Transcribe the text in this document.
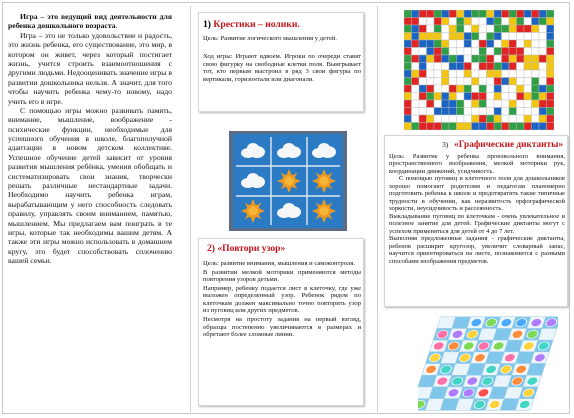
Игра – это ведущий вид деятельности для ребенка дошкольного возраста.

Игра – это не только удовольствие и радость, это жизнь ребенка, его существование, это мир, в котором он живет, через который постигает жизнь, учится строить взаимоотношения с другими людьми. Недооценивать значение игры в развитии дошкольника нельзя. А значит, для того чтобы научить ребенка чему-то новому, надо учить его в игре.

С помощью игры можно развивать память, внимание, мышление, воображение - психические функции, необходимые для успешного обучения в школе, благополучной адаптации в новом детском коллективе. Успешное обучение детей зависит от уровня развития мышления ребёнка, умения обобщать и систематизировать свои знания, творчески решать различные нестандартные задачи. Необходимо научить ребенка играм, вырабатывающим у него способность следовать правилу, управлять своим вниманием, памятью, мышлением. Мы предлагаем вам поиграть в те игры, которые так необходимы вашим детям. А также эти игры можно использовать в домашнем кругу, это будет способствовать сплочению вашей семьи.

1) Крестики – нолики.
Цель: Развитие логического мышления у детей.
Ход игры: Играют вдвоем. Игроки по очереди ставят свою фигурку на свободные клетки поля. Выигрывает тот, кто первым выстроил в ряд 3 свои фигуры по вертикали, горизонтали или диагонали.
2) «Повтори узор»

Цель: развитие внимания, мышления и самоконтроля.

В развитии мелкой моторики применяются методы повторения узоров детьми.

Например, ребенку подается лист в клеточку, где уже выложен определенный узор. Ребенок рядом по клеточкам должен максимально точно повторить узор из пуговиц или других предметов.

Несмотря на простоту задания на первый взгляд, образцы постепенно увеличиваются в размерах и обретают более сложные линии.

3) «Графические диктанты»

Цель: Развитие у ребенка произвольного внимания, пространственного воображения, мелкой моторики рук, координации движений, усидчивость.

С помощью пуговиц и клеточного поля для дошкольников хорошо помогают родителям и педагогам планомерно подготовить ребенка к школе и предотвратить такие типичные трудности в обучении, как неразвитость орфографической зоркости, неусидчивость и рассеянность.

Выкладывание пуговиц по клеточкам - очень увлекательное и полезное занятие для детей. Графические диктанты могут с успехом применяться для детей от 4 до 7 лет.

Выполняя предложенные задания - графические диктанты, ребенок расширит кругозор, увеличит словарный запас, научится ориентироваться на листе, познакомится с разными способами изображения предметов.
